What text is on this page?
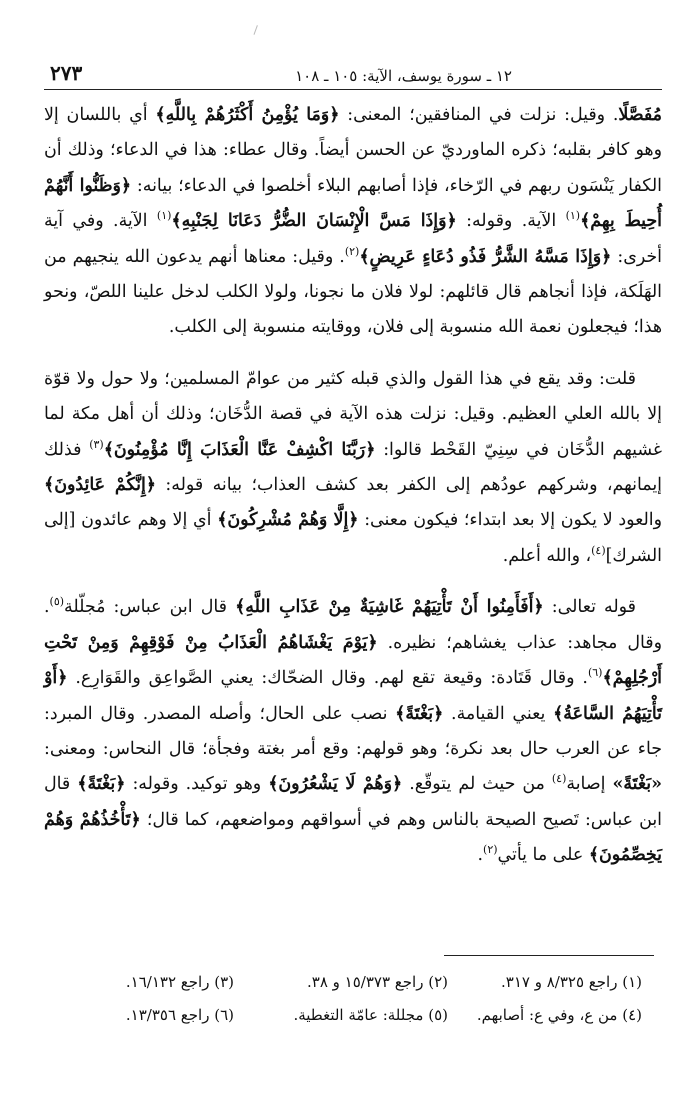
١٢ ـ سورة يوسف، الآية: ١٠٥ ـ ١٠٨
٢٧٣

مُفَصَّلًا. وقيل: نزلت في المنافقين؛ المعنى: ﴿وَمَا يُؤْمِنُ أَكْثَرُهُمْ بِاللَّهِ﴾ أي باللسان إلا وهو كافر بقلبه؛ ذكره الماورديّ عن الحسن أيضاً. وقال عطاء: هذا في الدعاء؛ وذلك أن الكفار يَنْسَون ربهم في الرّخاء، فإذا أصابهم البلاء أخلصوا في الدعاء؛ بيانه: ﴿وَظَنُّوا أَنَّهُمْ أُحِيطَ بِهِمْ﴾$^{(١)}$ الآية. وقوله: ﴿وَإِذَا مَسَّ الْإِنْسَانَ الضُّرُّ دَعَانَا لِجَنْبِهِ﴾$^{(١)}$ الآية. وفي آية أخرى: ﴿وَإِذَا مَسَّهُ الشَّرُّ فَذُو دُعَاءٍ عَرِيضٍ﴾$^{(٢)}$. وقيل: معناها أنهم يدعون الله ينجيهم من الهَلَكة، فإذا أنجاهم قال قائلهم: لولا فلان ما نجونا، ولولا الكلب لدخل علينا اللصّ، ونحو هذا؛ فيجعلون نعمة الله منسوبة إلى فلان، ووقايته منسوبة إلى الكلب.

قلت: وقد يقع في هذا القول والذي قبله كثير من عوامّ المسلمين؛ ولا حول ولا قوّة إلا بالله العلي العظيم. وقيل: نزلت هذه الآية في قصة الدُّخَان؛ وذلك أن أهل مكة لما غشيهم الدُّخَان في سِنِيّ القَحْط قالوا: ﴿رَبَّنَا اكْشِفْ عَنَّا الْعَذَابَ إِنَّا مُؤْمِنُونَ﴾$^{(٣)}$ فذلك إيمانهم، وشركهم عودُهم إلى الكفر بعد كشف العذاب؛ بيانه قوله: ﴿إِنَّكُمْ عَائِدُونَ﴾ والعود لا يكون إلا بعد ابتداء؛ فيكون معنى: ﴿إِلَّا وَهُمْ مُشْرِكُونَ﴾ أي إلا وهم عائدون [إلى الشرك]$^{(٤)}$، والله أعلم.

قوله تعالى: ﴿أَفَأَمِنُوا أَنْ تَأْتِيَهُمْ غَاشِيَةٌ مِنْ عَذَابِ اللَّهِ﴾ قال ابن عباس: مُجلّلة$^{(٥)}$. وقال مجاهد: عذاب يغشاهم؛ نظيره. ﴿يَوْمَ يَغْشَاهُمُ الْعَذَابُ مِنْ فَوْقِهِمْ وَمِنْ تَحْتِ أَرْجُلِهِمْ﴾$^{(٦)}$. وقال قَتَادة: وقيعة تقع لهم. وقال الضحّاك: يعني الصَّواعِق والقَوَارِع. ﴿أَوْ تَأْتِيَهُمُ السَّاعَةُ﴾ يعني القيامة. ﴿بَغْتَةً﴾ نصب على الحال؛ وأصله المصدر. وقال المبرد: جاء عن العرب حال بعد نكرة؛ وهو قولهم: وقع أمر بغتة وفجأة؛ قال النحاس: ومعنى: «بَغْتَةً» إصابة$^{(٤)}$ من حيث لم يتوقّع. ﴿وَهُمْ لَا يَشْعُرُونَ﴾ وهو توكيد. وقوله: ﴿بَغْتَةً﴾ قال ابن عباس: تَصيح الصيحة بالناس وهم في أسواقهم ومواضعهم، كما قال؛ ﴿تَأْخُذُهُمْ وَهُمْ يَخِصِّمُونَ﴾ على ما يأتي$^{(٢)}$.

(١) راجع ٨/٣٢٥ و ٣١٧.
(٢) راجع ١٥/٣٧٣ و ٣٨.
(٣) راجع ١٦/١٣٢.
(٤) من ع، وفي ع: أصابهم.
(٥) مجللة: عامّة التغطية.
(٦) راجع ١٣/٣٥٦.
